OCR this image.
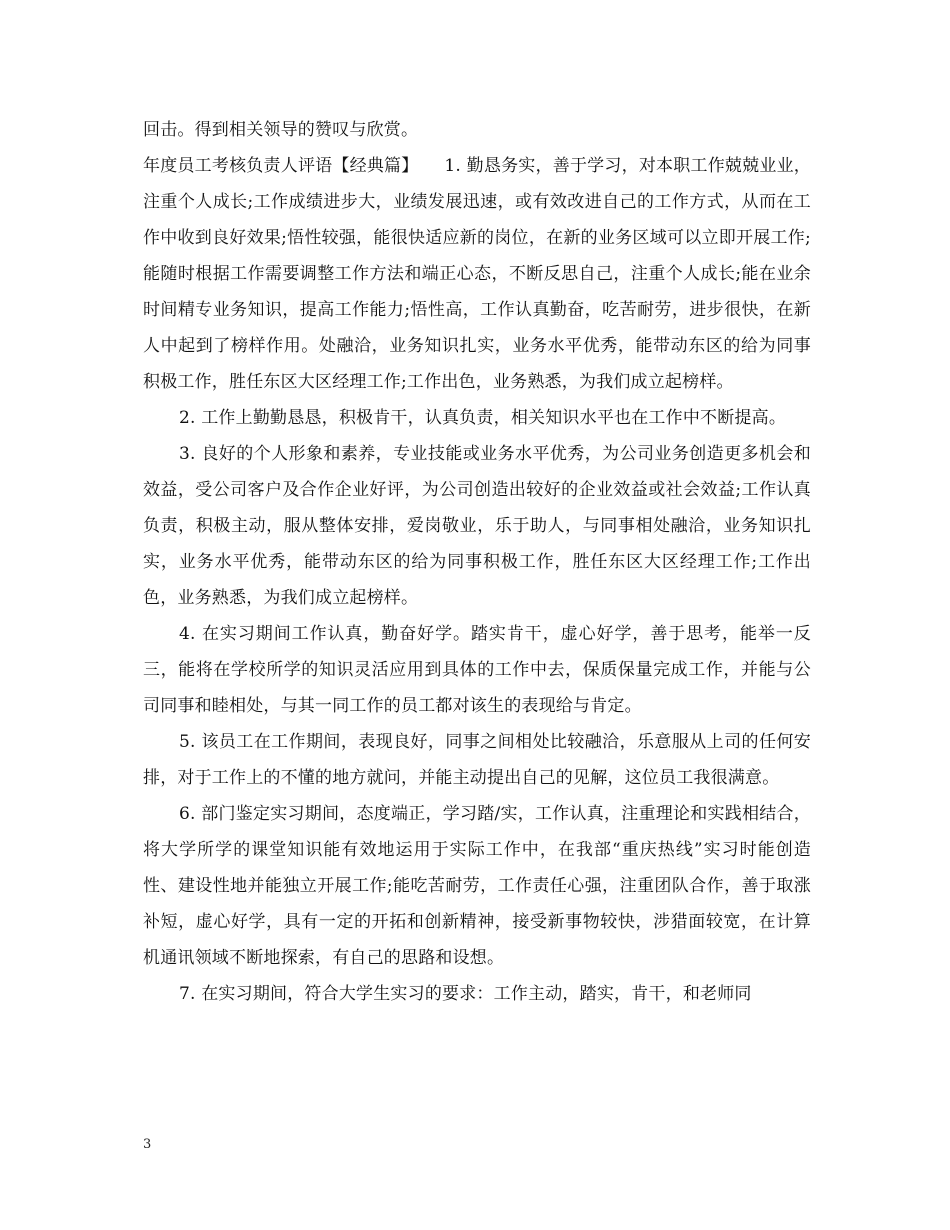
回击。得到相关领导的赞叹与欣赏。

年度员工考核负责人评语【经典篇】　　1. 勤恳务实，善于学习，对本职工作兢兢业业，注重个人成长;工作成绩进步大，业绩发展迅速，或有效改进自己的工作方式，从而在工作中收到良好效果;悟性较强，能很快适应新的岗位，在新的业务区域可以立即开展工作;能随时根据工作需要调整工作方法和端正心态，不断反思自己，注重个人成长;能在业余时间精专业务知识，提高工作能力;悟性高，工作认真勤奋，吃苦耐劳，进步很快，在新人中起到了榜样作用。处融洽，业务知识扎实，业务水平优秀，能带动东区的给为同事积极工作，胜任东区大区经理工作;工作出色，业务熟悉，为我们成立起榜样。

2. 工作上勤勤恳恳，积极肯干，认真负责，相关知识水平也在工作中不断提高。

3. 良好的个人形象和素养，专业技能或业务水平优秀，为公司业务创造更多机会和效益，受公司客户及合作企业好评，为公司创造出较好的企业效益或社会效益;工作认真负责，积极主动，服从整体安排，爱岗敬业，乐于助人，与同事相处融洽，业务知识扎实，业务水平优秀，能带动东区的给为同事积极工作，胜任东区大区经理工作;工作出色，业务熟悉，为我们成立起榜样。

4. 在实习期间工作认真，勤奋好学。踏实肯干，虚心好学，善于思考，能举一反三，能将在学校所学的知识灵活应用到具体的工作中去，保质保量完成工作，并能与公司同事和睦相处，与其一同工作的员工都对该生的表现给与肯定。

5. 该员工在工作期间，表现良好，同事之间相处比较融洽，乐意服从上司的任何安排，对于工作上的不懂的地方就问，并能主动提出自己的见解，这位员工我很满意。

6. 部门鉴定实习期间，态度端正，学习踏/实，工作认真，注重理论和实践相结合，将大学所学的课堂知识能有效地运用于实际工作中，在我部“重庆热线”实习时能创造性、建设性地并能独立开展工作;能吃苦耐劳，工作责任心强，注重团队合作，善于取涨补短，虚心好学，具有一定的开拓和创新精神，接受新事物较快，涉猎面较宽，在计算机通讯领域不断地探索，有自己的思路和设想。

7. 在实习期间，符合大学生实习的要求：工作主动，踏实，肯干，和老师同

3
